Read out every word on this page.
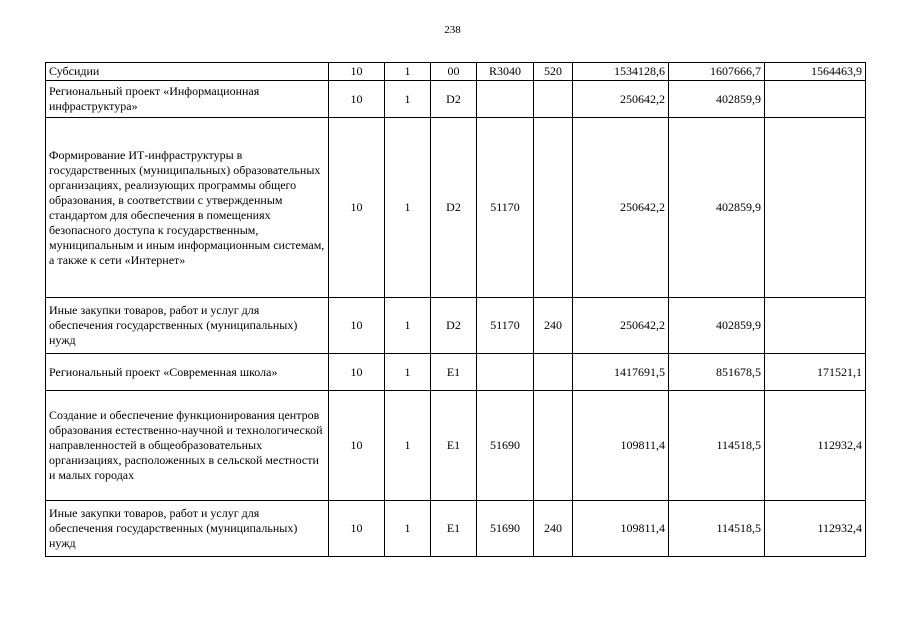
238
Субсидии	10	1	00	R3040	520	1534128,6	1607666,7	1564463,9
Региональный проект «Информационная инфраструктура»	10	1	D2			250642,2	402859,9	
Формирование ИТ-инфраструктуры в государственных (муниципальных) образовательных организациях, реализующих программы общего образования, в соответствии с утвержденным стандартом для обеспечения в помещениях безопасного доступа к государственным, муниципальным и иным информационным системам, а также к сети «Интернет»	10	1	D2	51170		250642,2	402859,9	
Иные закупки товаров, работ и услуг для обеспечения государственных (муниципальных) нужд	10	1	D2	51170	240	250642,2	402859,9	
Региональный проект «Современная школа»	10	1	E1			1417691,5	851678,5	171521,1
Создание и обеспечение функционирования центров образования естественно-научной и технологической направленностей в общеобразовательных организациях, расположенных в сельской местности и малых городах	10	1	E1	51690		109811,4	114518,5	112932,4
Иные закупки товаров, работ и услуг для обеспечения государственных (муниципальных) нужд	10	1	E1	51690	240	109811,4	114518,5	112932,4
